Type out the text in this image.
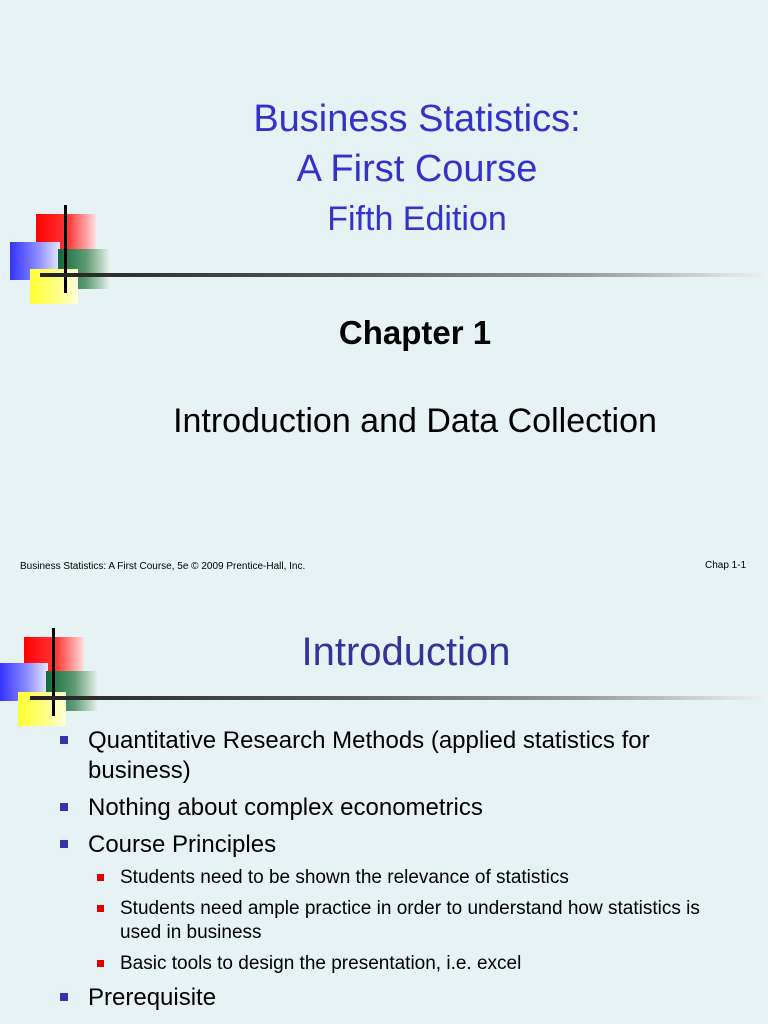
Business Statistics:
A First Course
Fifth Edition
Chapter 1
Introduction and Data Collection
Business Statistics: A First Course, 5e © 2009 Prentice-Hall, Inc.	Chap 1-1
Introduction
Quantitative Research Methods (applied statistics for business)
Nothing about complex econometrics
Course Principles
Students need to be shown the relevance of statistics
Students need ample practice in order to understand how statistics is used in business
Basic tools to design the presentation, i.e. excel
Prerequisite
